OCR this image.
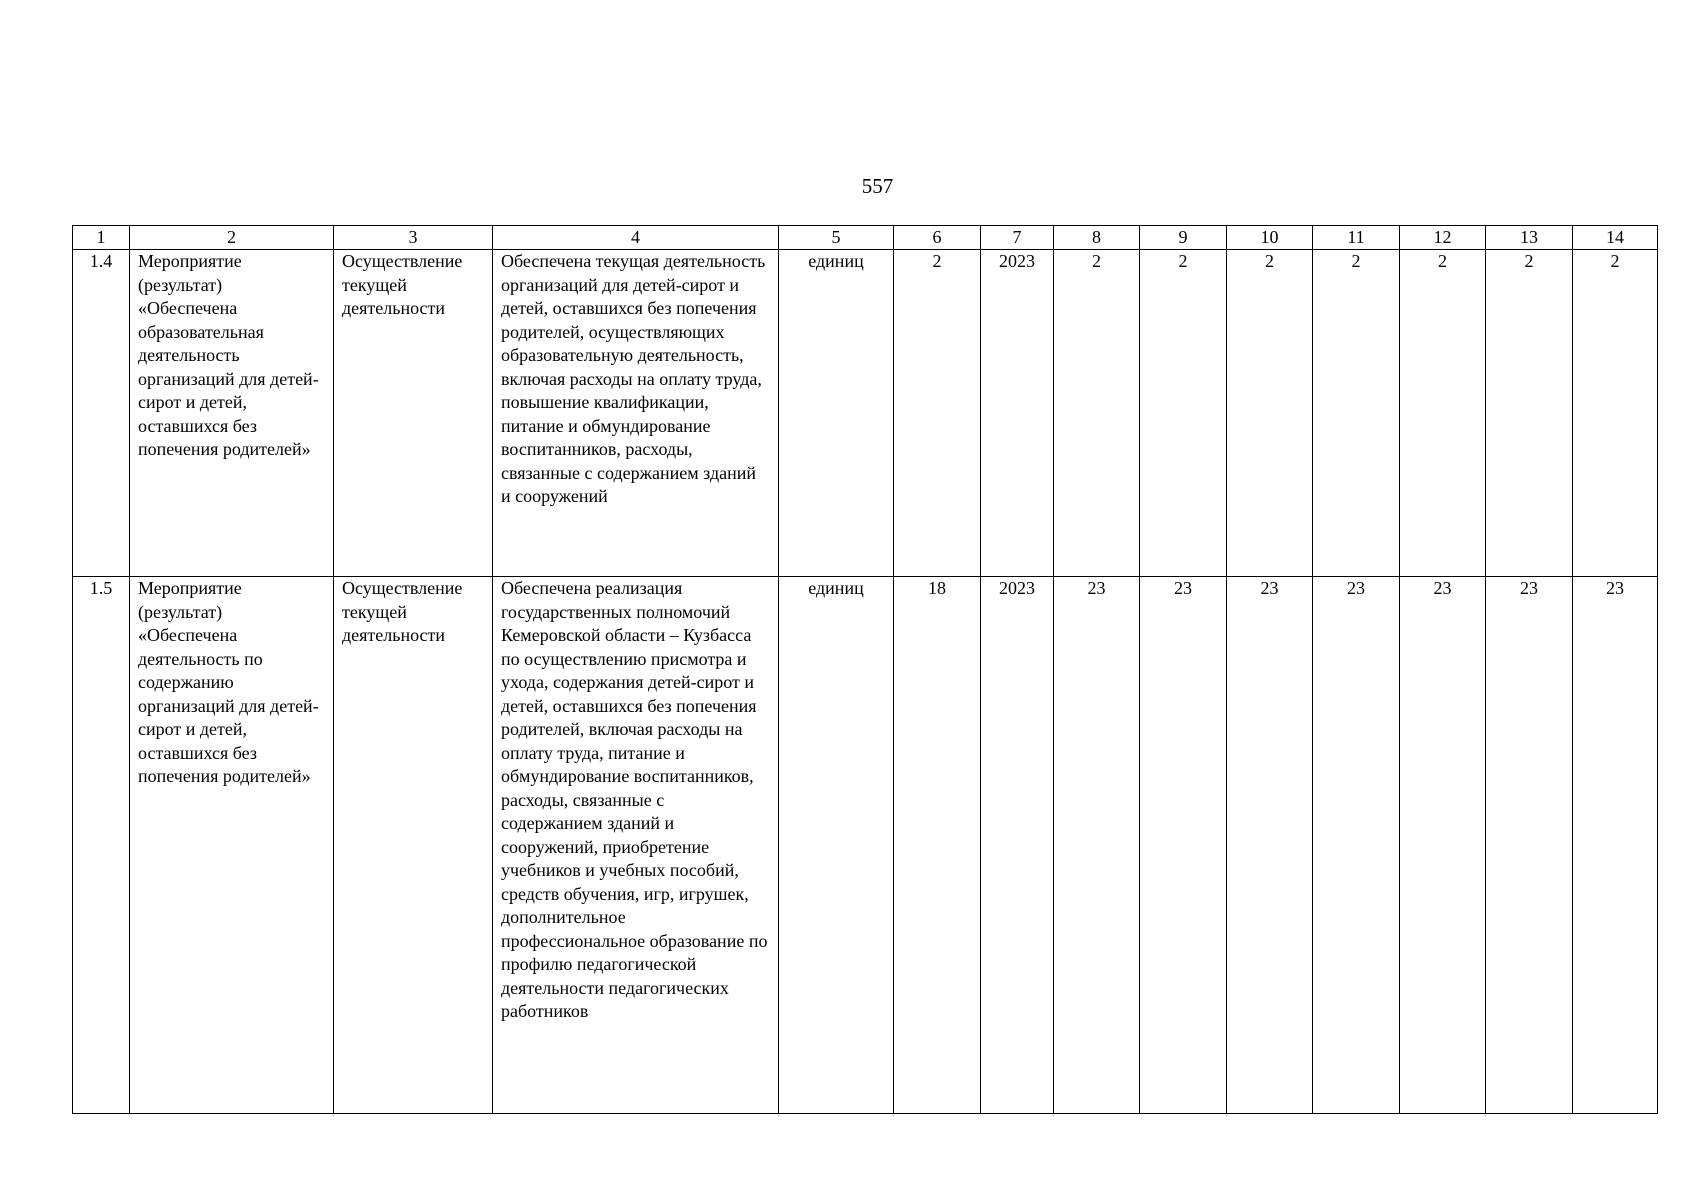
557
1	2	3	4	5	6	7	8	9	10	11	12	13	14
1.4	Мероприятие (результат) «Обеспечена образовательная деятельность организаций для детей-сирот и детей, оставшихся без попечения родителей»	Осуществление текущей деятельности	Обеспечена текущая деятельность организаций для детей-сирот и детей, оставшихся без попечения родителей, осуществляющих образовательную деятельность, включая расходы на оплату труда, повышение квалификации, питание и обмундирование воспитанников, расходы, связанные с содержанием зданий и сооружений	единиц	2	2023	2	2	2	2	2	2	2
1.5	Мероприятие (результат) «Обеспечена деятельность по содержанию организаций для детей-сирот и детей, оставшихся без попечения родителей»	Осуществление текущей деятельности	Обеспечена реализация государственных полномочий Кемеровской области – Кузбасса по осуществлению присмотра и ухода, содержания детей-сирот и детей, оставшихся без попечения родителей, включая расходы на оплату труда, питание и обмундирование воспитанников, расходы, связанные с содержанием зданий и сооружений, приобретение учебников и учебных пособий, средств обучения, игр, игрушек, дополнительное профессиональное образование по профилю педагогической деятельности педагогических работников	единиц	18	2023	23	23	23	23	23	23	23
